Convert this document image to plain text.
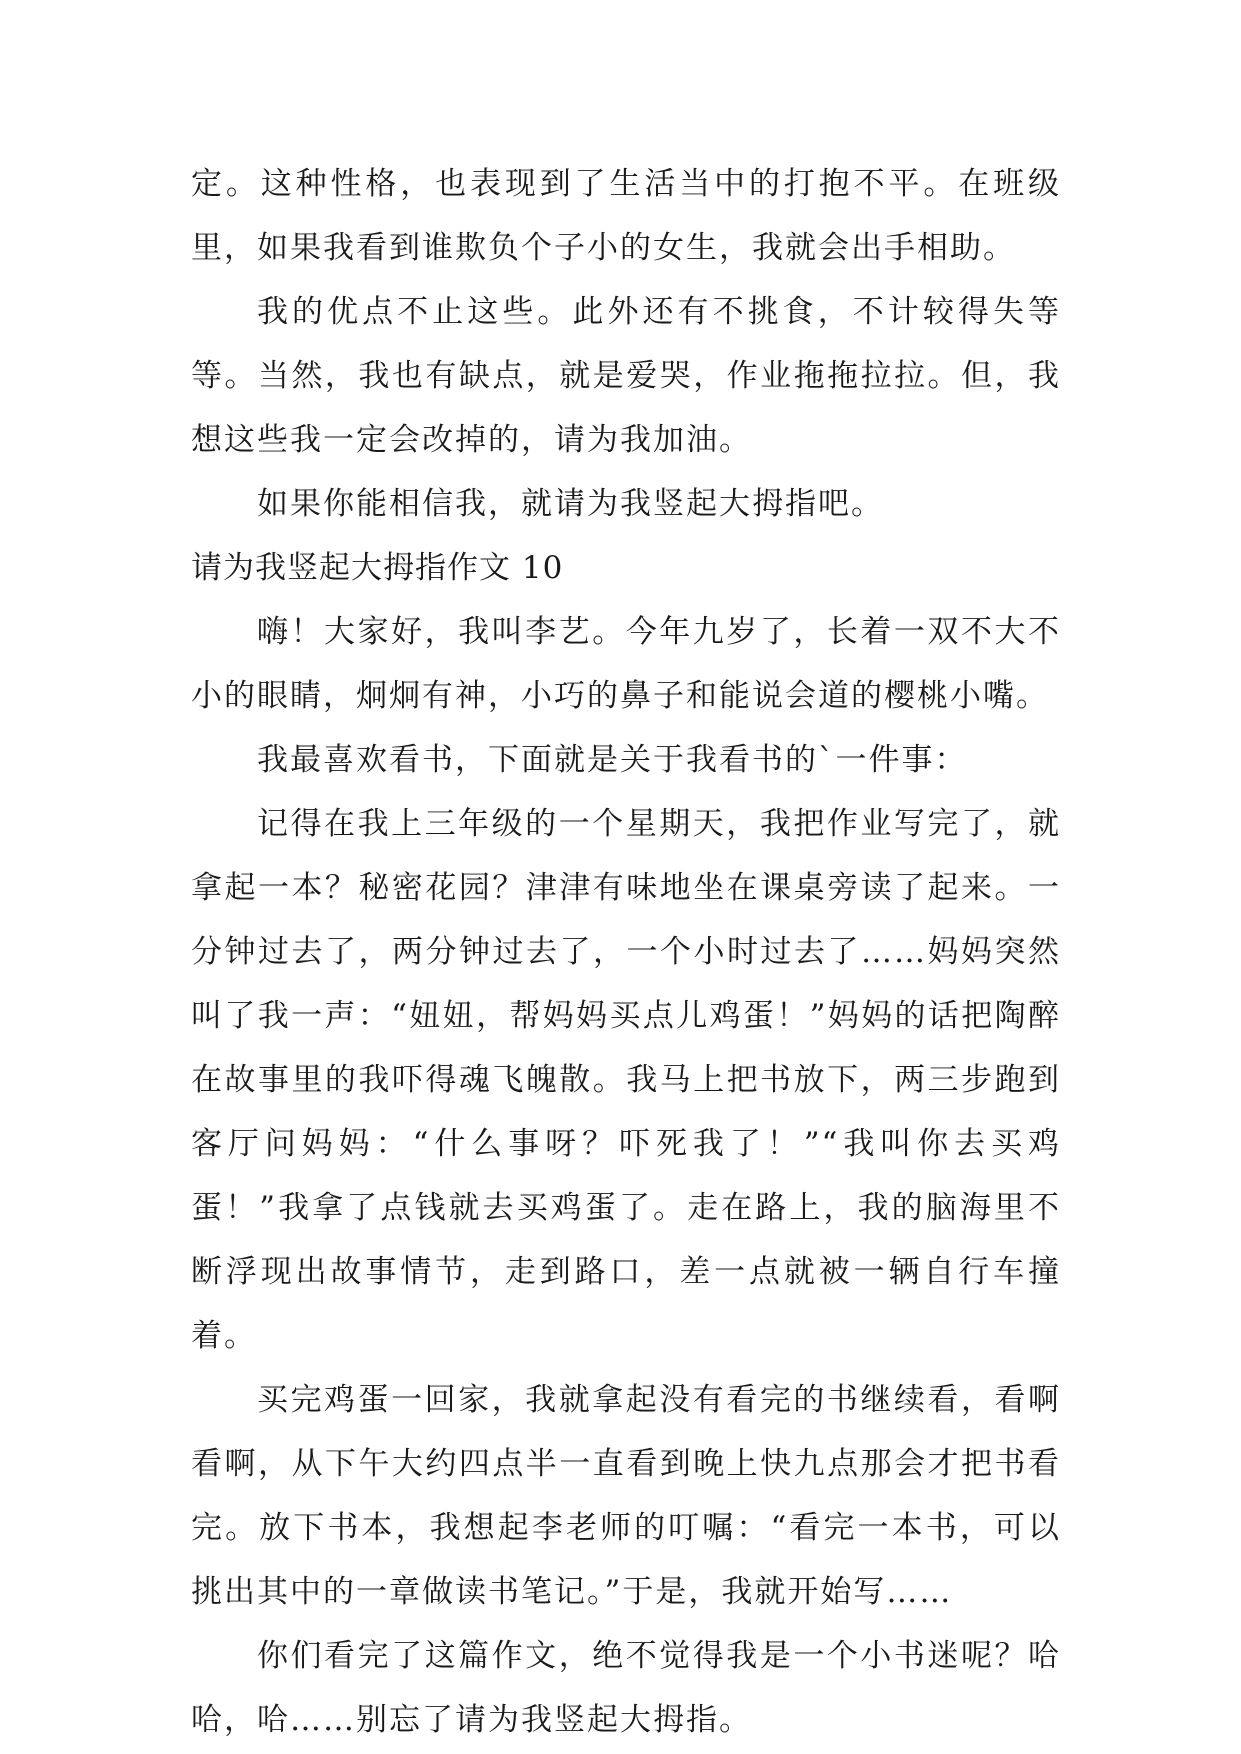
定。这种性格，也表现到了生活当中的打抱不平。在班级里，如果我看到谁欺负个子小的女生，我就会出手相助。

我的优点不止这些。此外还有不挑食，不计较得失等等。当然，我也有缺点，就是爱哭，作业拖拖拉拉。但，我想这些我一定会改掉的，请为我加油。

如果你能相信我，就请为我竖起大拇指吧。

请为我竖起大拇指作文 10

嗨！大家好，我叫李艺。今年九岁了，长着一双不大不小的眼睛，炯炯有神，小巧的鼻子和能说会道的樱桃小嘴。

我最喜欢看书，下面就是关于我看书的`一件事：

记得在我上三年级的一个星期天，我把作业写完了，就拿起一本？秘密花园？津津有味地坐在课桌旁读了起来。一分钟过去了，两分钟过去了，一个小时过去了……妈妈突然叫了我一声：“妞妞，帮妈妈买点儿鸡蛋！”妈妈的话把陶醉在故事里的我吓得魂飞魄散。我马上把书放下，两三步跑到客厅问妈妈：“什么事呀？吓死我了！”“我叫你去买鸡蛋！”我拿了点钱就去买鸡蛋了。走在路上，我的脑海里不断浮现出故事情节，走到路口，差一点就被一辆自行车撞着。

买完鸡蛋一回家，我就拿起没有看完的书继续看，看啊看啊，从下午大约四点半一直看到晚上快九点那会才把书看完。放下书本，我想起李老师的叮嘱：“看完一本书，可以挑出其中的一章做读书笔记。”于是，我就开始写……

你们看完了这篇作文，绝不觉得我是一个小书迷呢？哈哈，哈……别忘了请为我竖起大拇指。
